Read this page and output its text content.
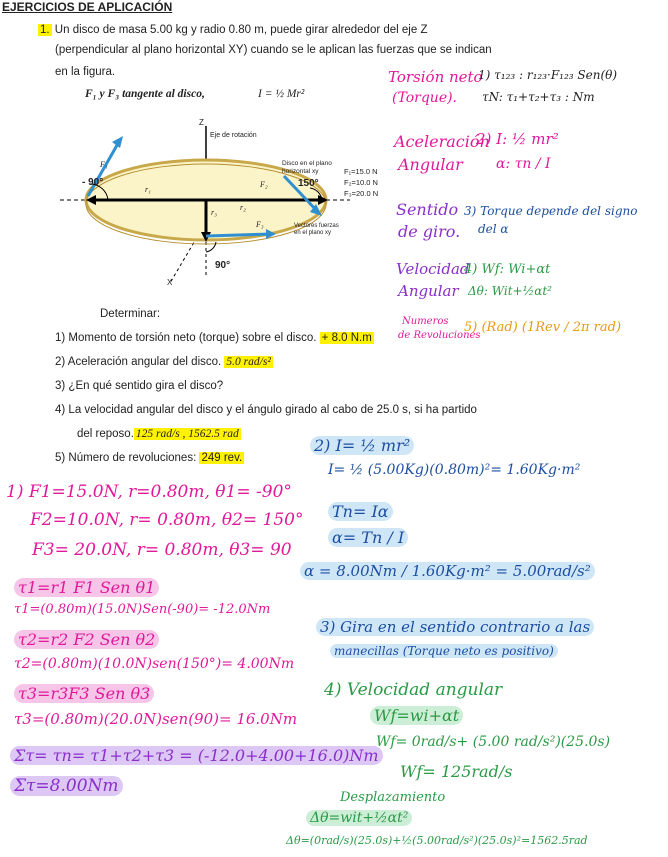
EJERCICIOS DE APLICACIÓN
1. Un disco de masa 5.00 kg y radio 0.80 m, puede girar alrededor del eje Z
(perpendicular al plano horizontal XY) cuando se le aplican las fuerzas que se indican
en la figura.
F₁ y F₃ tangente al disco,	I = ½ Mr²
Z
Eje de rotación
Disco en el plano
horizontal xy
Vectores fuerzas
en el plano xy
- 90°	150°
90°
X
F₁
F₂
F₃
r₁
r₂
r₃
F₁=15.0 N
F₂=10.0 N
F₃=20.0 N
Torsión neto
(Torque).
1) τ₁₂₃ : r₁₂₃·F₁₂₃ Sen(θ)
τN: τ₁+τ₂+τ₃ : Nm
Aceleración
Angular
2) I: ½ mr²
α: τn / I
Sentido
de giro.
3) Torque depende del signo
del α
Velocidad
Angular
4) Wf: Wi+αt
Δθ: Wit+½αt²
Numeros
de Revoluciones
5) (Rad) (1Rev / 2π rad)
Determinar:
1) Momento de torsión neto (torque) sobre el disco. + 8.0 N.m
2) Aceleración angular del disco. 5.0 rad/s²
3) ¿En qué sentido gira el disco?
4) La velocidad angular del disco y el ángulo girado al cabo de 25.0 s, si ha partido
del reposo. 125 rad/s , 1562.5 rad
5) Número de revoluciones: 249 rev.
1) F1=15.0N, r=0.80m, θ1= -90°
F2=10.0N, r= 0.80m, θ2= 150°
F3= 20.0N, r= 0.80m, θ3= 90
τ1=r1 F1 Sen θ1
τ1=(0.80m)(15.0N)Sen(-90)= -12.0Nm
τ2=r2 F2 Sen θ2
τ2=(0.80m)(10.0N)sen(150°)= 4.00Nm
τ3=r3F3 Sen θ3
τ3=(0.80m)(20.0N)sen(90)= 16.0Nm
Στ= τn= τ1+τ2+τ3 = (-12.0+4.00+16.0)Nm
Στ=8.00Nm
2) I= ½ mr²
I= ½ (5.00Kg)(0.80m)²= 1.60Kg·m²
Tn= Iα
α= Tn / I
α = 8.00Nm / 1.60Kg·m² = 5.00rad/s²
3) Gira en el sentido contrario a las
manecillas (Torque neto es positivo)
4) Velocidad angular
Wf=wi+αt
Wf= 0rad/s+ (5.00 rad/s²)(25.0s)
Wf= 125rad/s
Desplazamiento
Δθ=wit+½αt²
Δθ=(0rad/s)(25.0s)+½(5.00rad/s²)(25.0s)²=1562.5rad
